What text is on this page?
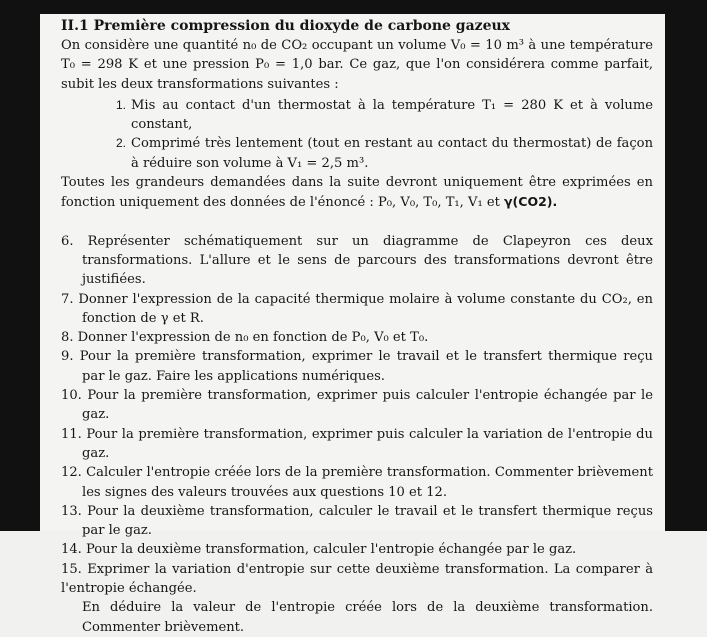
II.1 Première compression du dioxyde de carbone gazeux

On considère une quantité n₀ de CO₂ occupant un volume V₀ = 10 m³ à une température T₀ = 298 K et une pression P₀ = 1,0 bar. Ce gaz, que l'on considérera comme parfait, subit les deux transformations suivantes :

1. Mis au contact d'un thermostat à la température T₁ = 280 K et à volume constant,
2. Comprimé très lentement (tout en restant au contact du thermostat) de façon à réduire son volume à V₁ = 2,5 m³.

Toutes les grandeurs demandées dans la suite devront uniquement être exprimées en fonction uniquement des données de l'énoncé : P₀, V₀, T₀, T₁, V₁ et γ(CO2).

6. Représenter schématiquement sur un diagramme de Clapeyron ces deux transformations. L'allure et le sens de parcours des transformations devront être justifiées.

7. Donner l'expression de la capacité thermique molaire à volume constante du CO₂, en fonction de γ et R.

8. Donner l'expression de n₀ en fonction de P₀, V₀ et T₀.

9. Pour la première transformation, exprimer le travail et le transfert thermique reçu par le gaz. Faire les applications numériques.

10. Pour la première transformation, exprimer puis calculer l'entropie échangée par le gaz.

11. Pour la première transformation, exprimer puis calculer la variation de l'entropie du gaz.

12. Calculer l'entropie créée lors de la première transformation. Commenter brièvement les signes des valeurs trouvées aux questions 10 et 12.

13. Pour la deuxième transformation, calculer le travail et le transfert thermique reçus par le gaz.

14. Pour la deuxième transformation, calculer l'entropie échangée par le gaz.

15. Exprimer la variation d'entropie sur cette deuxième transformation. La comparer à l'entropie échangée.

En déduire la valeur de l'entropie créée lors de la deuxième transformation. Commenter brièvement.
